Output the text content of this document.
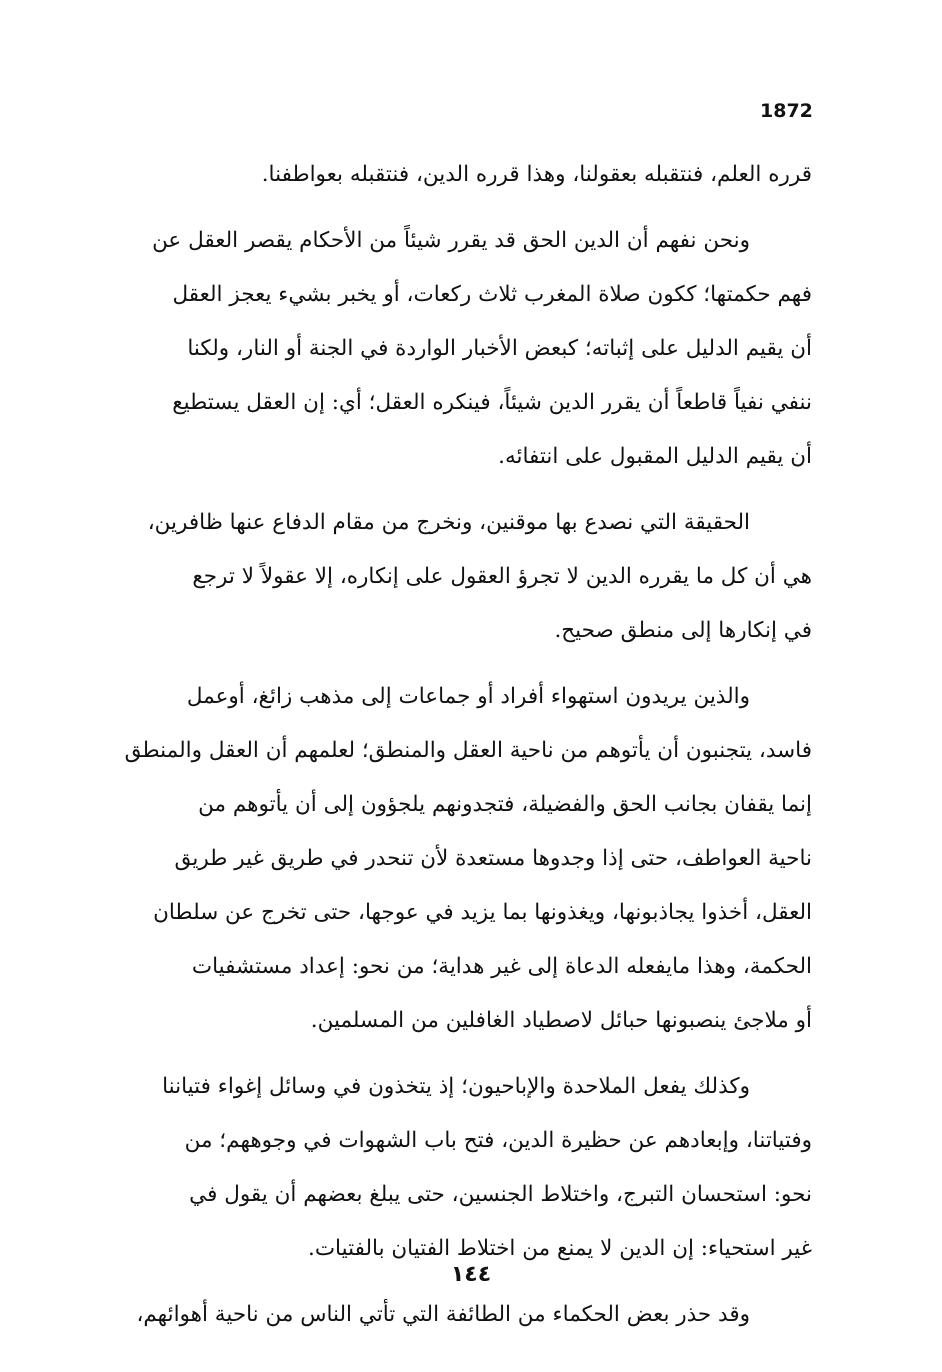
1872
قرره العلم، فنتقبله بعقولنا، وهذا قرره الدين، فنتقبله بعواطفنا.
ونحن نفهم أن الدين الحق قد يقرر شيئاً من الأحكام يقصر العقل عن
فهم حكمتها؛ ككون صلاة المغرب ثلاث ركعات، أو يخبر بشيء يعجز العقل
أن يقيم الدليل على إثباته؛ كبعض الأخبار الواردة في الجنة أو النار، ولكنا
ننفي نفياً قاطعاً أن يقرر الدين شيئاً، فينكره العقل؛ أي: إن العقل يستطيع
أن يقيم الدليل المقبول على انتفائه.
الحقيقة التي نصدع بها موقنين، ونخرج من مقام الدفاع عنها ظافرين،
هي أن كل ما يقرره الدين لا تجرؤ العقول على إنكاره، إلا عقولاً لا ترجع
في إنكارها إلى منطق صحيح.
والذين يريدون استهواء أفراد أو جماعات إلى مذهب زائغ، أوعمل
فاسد، يتجنبون أن يأتوهم من ناحية العقل والمنطق؛ لعلمهم أن العقل والمنطق
إنما يقفان بجانب الحق والفضيلة، فتجدونهم يلجؤون إلى أن يأتوهم من
ناحية العواطف، حتى إذا وجدوها مستعدة لأن تنحدر في طريق غير طريق
العقل، أخذوا يجاذبونها، ويغذونها بما يزيد في عوجها، حتى تخرج عن سلطان
الحكمة، وهذا مايفعله الدعاة إلى غير هداية؛ من نحو: إعداد مستشفيات
أو ملاجئ ينصبونها حبائل لاصطياد الغافلين من المسلمين.
وكذلك يفعل الملاحدة والإباحيون؛ إذ يتخذون في وسائل إغواء فتياننا
وفتياتنا، وإبعادهم عن حظيرة الدين، فتح باب الشهوات في وجوههم؛ من
نحو: استحسان التبرج، واختلاط الجنسين، حتى يبلغ بعضهم أن يقول في
غير استحياء: إن الدين لا يمنع من اختلاط الفتيان بالفتيات.
وقد حذر بعض الحكماء من الطائفة التي تأتي الناس من ناحية أهوائهم،
١٤٤
